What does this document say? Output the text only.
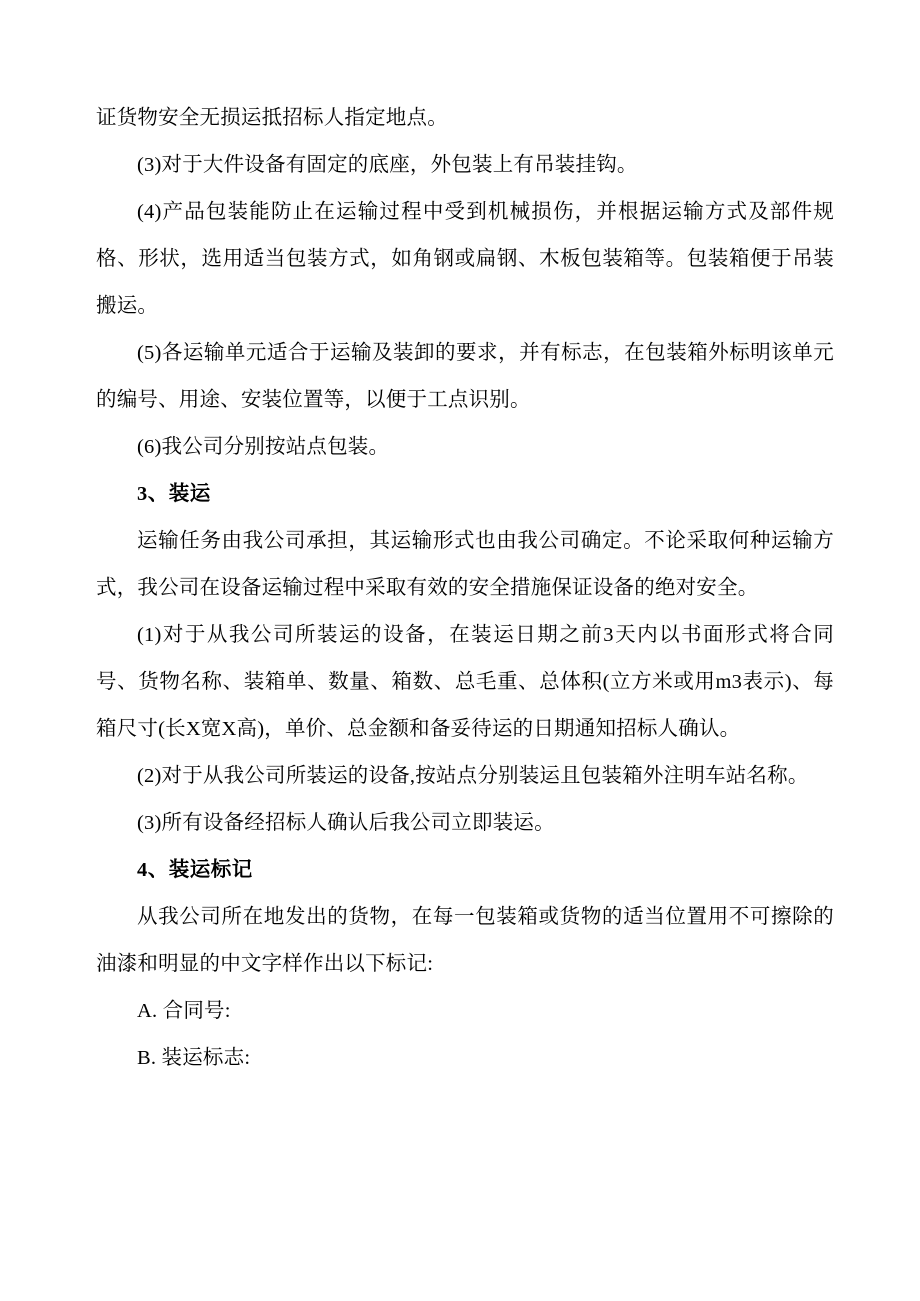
证货物安全无损运抵招标人指定地点。

(3)对于大件设备有固定的底座，外包装上有吊装挂钩。

(4)产品包装能防止在运输过程中受到机械损伤，并根据运输方式及部件规格、形状，选用适当包装方式，如角钢或扁钢、木板包装箱等。包装箱便于吊装搬运。

(5)各运输单元适合于运输及装卸的要求，并有标志，在包装箱外标明该单元的编号、用途、安装位置等，以便于工点识别。

(6)我公司分别按站点包装。

3、装运

运输任务由我公司承担，其运输形式也由我公司确定。不论采取何种运输方式，我公司在设备运输过程中采取有效的安全措施保证设备的绝对安全。

(1)对于从我公司所装运的设备，在装运日期之前3天内以书面形式将合同号、货物名称、装箱单、数量、箱数、总毛重、总体积(立方米或用m3表示)、每箱尺寸(长X宽X高)，单价、总金额和备妥待运的日期通知招标人确认。

(2)对于从我公司所装运的设备,按站点分别装运且包装箱外注明车站名称。

(3)所有设备经招标人确认后我公司立即装运。

4、装运标记

从我公司所在地发出的货物，在每一包装箱或货物的适当位置用不可擦除的油漆和明显的中文字样作出以下标记:

A. 合同号:

B. 装运标志:
